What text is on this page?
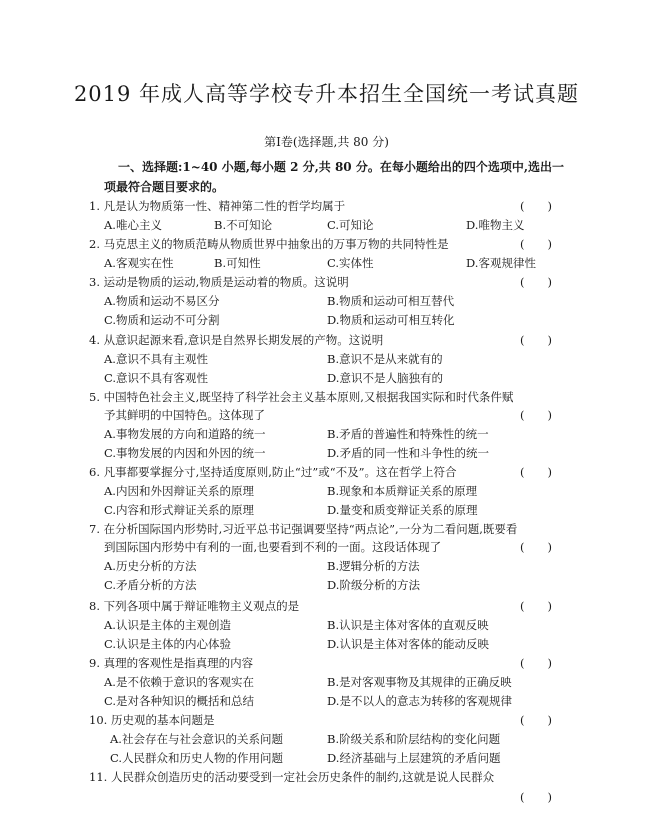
2019 年成人高等学校专升本招生全国统一考试真题
第Ⅰ卷(选择题,共 80 分)
一、选择题:1~40 小题,每小题 2 分,共 80 分。在每小题给出的四个选项中,选出一项最符合题目要求的。
1. 凡是认为物质第一性、精神第二性的哲学均属于	(　　)
A.唯心主义	B.不可知论	C.可知论	D.唯物主义
2. 马克思主义的物质范畴从物质世界中抽象出的万事万物的共同特性是	(　　)
A.客观实在性	B.可知性	C.实体性	D.客观规律性
3. 运动是物质的运动,物质是运动着的物质。这说明	(　　)
A.物质和运动不易区分	B.物质和运动可相互替代
C.物质和运动不可分割	D.物质和运动可相互转化
4. 从意识起源来看,意识是自然界长期发展的产物。这说明	(　　)
A.意识不具有主观性	B.意识不是从来就有的
C.意识不具有客观性	D.意识不是人脑独有的
5. 中国特色社会主义,既坚持了科学社会主义基本原则,又根据我国实际和时代条件赋
予其鲜明的中国特色。这体现了	(　　)
A.事物发展的方向和道路的统一	B.矛盾的普遍性和特殊性的统一
C.事物发展的内因和外因的统一	D.矛盾的同一性和斗争性的统一
6. 凡事都要掌握分寸,坚持适度原则,防止“过”或“不及”。这在哲学上符合	(　　)
A.内因和外因辩证关系的原理	B.现象和本质辩证关系的原理
C.内容和形式辩证关系的原理	D.量变和质变辩证关系的原理
7. 在分析国际国内形势时,习近平总书记强调要坚持“两点论”,一分为二看问题,既要看
到国际国内形势中有利的一面,也要看到不利的一面。这段话体现了	(　　)
A.历史分析的方法	B.逻辑分析的方法
C.矛盾分析的方法	D.阶级分析的方法
8. 下列各项中属于辩证唯物主义观点的是	(　　)
A.认识是主体的主观创造	B.认识是主体对客体的直观反映
C.认识是主体的内心体验	D.认识是主体对客体的能动反映
9. 真理的客观性是指真理的内容	(　　)
A.是不依赖于意识的客观实在	B.是对客观事物及其规律的正确反映
C.是对各种知识的概括和总结	D.是不以人的意志为转移的客观规律
10. 历史观的基本问题是	(　　)
A.社会存在与社会意识的关系问题	B.阶级关系和阶层结构的变化问题
C.人民群众和历史人物的作用问题	D.经济基础与上层建筑的矛盾问题
11. 人民群众创造历史的活动要受到一定社会历史条件的制约,这就是说人民群众
(　　)
